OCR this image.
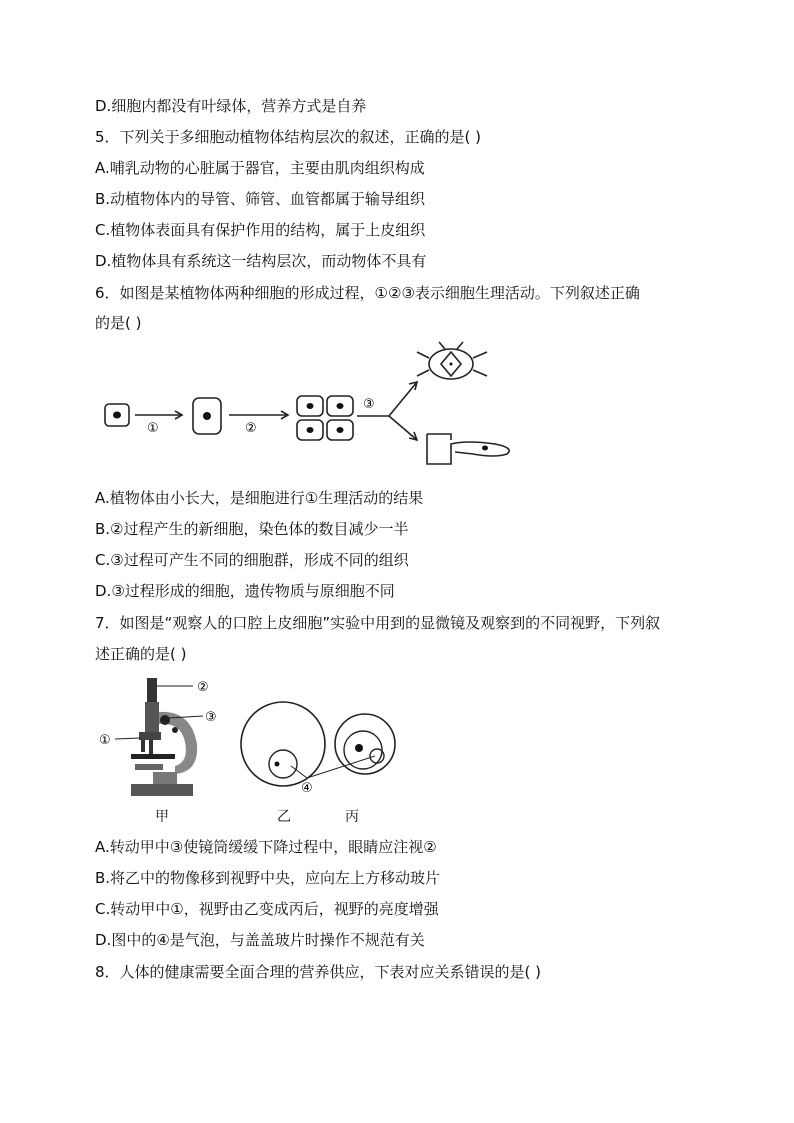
D.细胞内都没有叶绿体，营养方式是自养
5．下列关于多细胞动植物体结构层次的叙述，正确的是( )
A.哺乳动物的心脏属于器官，主要由肌肉组织构成
B.动植物体内的导管、筛管、血管都属于输导组织
C.植物体表面具有保护作用的结构，属于上皮组织
D.植物体具有系统这一结构层次，而动物体不具有
6．如图是某植物体两种细胞的形成过程，①②③表示细胞生理活动。下列叙述正确
的是( )
①	②
③
A.植物体由小长大，是细胞进行①生理活动的结果
B.②过程产生的新细胞，染色体的数目减少一半
C.③过程可产生不同的细胞群，形成不同的组织
D.③过程形成的细胞，遗传物质与原细胞不同
7．如图是“观察人的口腔上皮细胞”实验中用到的显微镜及观察到的不同视野，下列叙
述正确的是( )
②
③
①
④
甲	乙	丙
A.转动甲中③使镜筒缓缓下降过程中，眼睛应注视②
B.将乙中的物像移到视野中央，应向左上方移动玻片
C.转动甲中①，视野由乙变成丙后，视野的亮度增强
D.图中的④是气泡，与盖盖玻片时操作不规范有关
8．人体的健康需要全面合理的营养供应，下表对应关系错误的是( )
